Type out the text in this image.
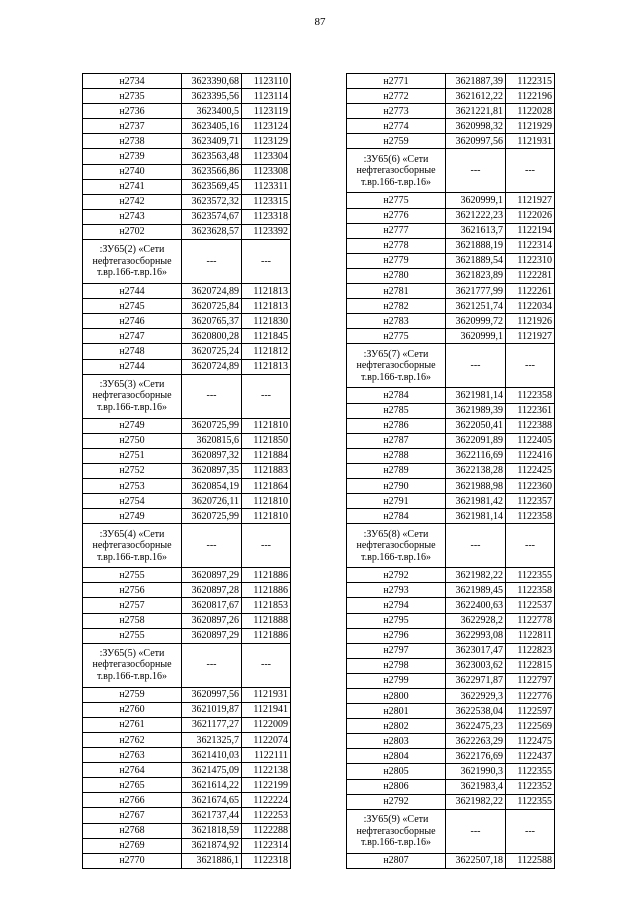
87
н2734	3623390,68	1123110
н2735	3623395,56	1123114
н2736	3623400,5	1123119
н2737	3623405,16	1123124
н2738	3623409,71	1123129
н2739	3623563,48	1123304
н2740	3623566,86	1123308
н2741	3623569,45	1123311
н2742	3623572,32	1123315
н2743	3623574,67	1123318
н2702	3623628,57	1123392
:ЗУ65(2) «Сети нефтегазосборные т.вр.166-т.вр.16»	---	---
н2744	3620724,89	1121813
н2745	3620725,84	1121813
н2746	3620765,37	1121830
н2747	3620800,28	1121845
н2748	3620725,24	1121812
н2744	3620724,89	1121813
:ЗУ65(3) «Сети нефтегазосборные т.вр.166-т.вр.16»	---	---
н2749	3620725,99	1121810
н2750	3620815,6	1121850
н2751	3620897,32	1121884
н2752	3620897,35	1121883
н2753	3620854,19	1121864
н2754	3620726,11	1121810
н2749	3620725,99	1121810
:ЗУ65(4) «Сети нефтегазосборные т.вр.166-т.вр.16»	---	---
н2755	3620897,29	1121886
н2756	3620897,28	1121886
н2757	3620817,67	1121853
н2758	3620897,26	1121888
н2755	3620897,29	1121886
:ЗУ65(5) «Сети нефтегазосборные т.вр.166-т.вр.16»	---	---
н2759	3620997,56	1121931
н2760	3621019,87	1121941
н2761	3621177,27	1122009
н2762	3621325,7	1122074
н2763	3621410,03	1122111
н2764	3621475,09	1122138
н2765	3621614,22	1122199
н2766	3621674,65	1122224
н2767	3621737,44	1122253
н2768	3621818,59	1122288
н2769	3621874,92	1122314
н2770	3621886,1	1122318
н2771	3621887,39	1122315
н2772	3621612,22	1122196
н2773	3621221,81	1122028
н2774	3620998,32	1121929
н2759	3620997,56	1121931
:ЗУ65(6) «Сети нефтегазосборные т.вр.166-т.вр.16»	---	---
н2775	3620999,1	1121927
н2776	3621222,23	1122026
н2777	3621613,7	1122194
н2778	3621888,19	1122314
н2779	3621889,54	1122310
н2780	3621823,89	1122281
н2781	3621777,99	1122261
н2782	3621251,74	1122034
н2783	3620999,72	1121926
н2775	3620999,1	1121927
:ЗУ65(7) «Сети нефтегазосборные т.вр.166-т.вр.16»	---	---
н2784	3621981,14	1122358
н2785	3621989,39	1122361
н2786	3622050,41	1122388
н2787	3622091,89	1122405
н2788	3622116,69	1122416
н2789	3622138,28	1122425
н2790	3621988,98	1122360
н2791	3621981,42	1122357
н2784	3621981,14	1122358
:ЗУ65(8) «Сети нефтегазосборные т.вр.166-т.вр.16»	---	---
н2792	3621982,22	1122355
н2793	3621989,45	1122358
н2794	3622400,63	1122537
н2795	3622928,2	1122778
н2796	3622993,08	1122811
н2797	3623017,47	1122823
н2798	3623003,62	1122815
н2799	3622971,87	1122797
н2800	3622929,3	1122776
н2801	3622538,04	1122597
н2802	3622475,23	1122569
н2803	3622263,29	1122475
н2804	3622176,69	1122437
н2805	3621990,3	1122355
н2806	3621983,4	1122352
н2792	3621982,22	1122355
:ЗУ65(9) «Сети нефтегазосборные т.вр.166-т.вр.16»	---	---
н2807	3622507,18	1122588
